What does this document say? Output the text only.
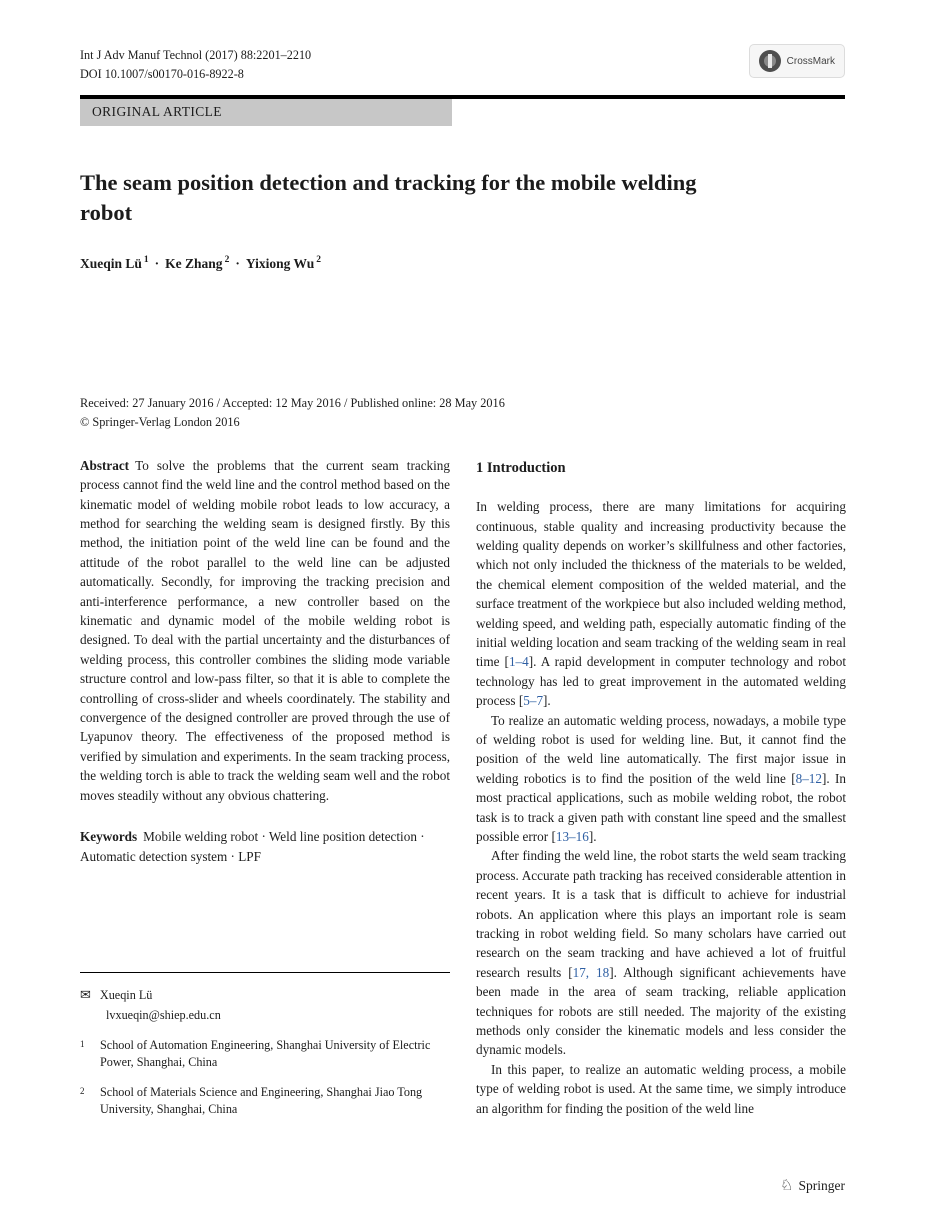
Int J Adv Manuf Technol (2017) 88:2201–2210
DOI 10.1007/s00170-016-8922-8
CrossMark
ORIGINAL ARTICLE
The seam position detection and tracking for the mobile welding robot
Xueqin Lü $^1$ · Ke Zhang $^2$ · Yixiong Wu $^2$
Received: 27 January 2016 / Accepted: 12 May 2016 / Published online: 28 May 2016
© Springer-Verlag London 2016

Abstract To solve the problems that the current seam tracking process cannot find the weld line and the control method based on the kinematic model of welding mobile robot leads to low accuracy, a method for searching the welding seam is designed firstly. By this method, the initiation point of the weld line can be found and the attitude of the robot parallel to the weld line can be adjusted automatically. Secondly, for improving the tracking precision and anti-interference performance, a new controller based on the kinematic and dynamic model of the mobile welding robot is designed. To deal with the partial uncertainty and the disturbances of welding process, this controller combines the sliding mode variable structure control and low-pass filter, so that it is able to complete the controlling of cross-slider and wheels coordinately. The stability and convergence of the designed controller are proved through the use of Lyapunov theory. The effectiveness of the proposed method is verified by simulation and experiments. In the seam tracking process, the welding torch is able to track the welding seam well and the robot moves steadily without any obvious chattering.

Keywords Mobile welding robot · Weld line position detection · Automatic detection system · LPF

✉ Xueqin Lü
lvxueqin@shiep.edu.cn
1	School of Automation Engineering, Shanghai University of Electric Power, Shanghai, China
2	School of Materials Science and Engineering, Shanghai Jiao Tong University, Shanghai, China
1 Introduction

In welding process, there are many limitations for acquiring continuous, stable quality and increasing productivity because the welding quality depends on worker’s skillfulness and other factories, which not only included the thickness of the materials to be welded, the chemical element composition of the welded material, and the surface treatment of the workpiece but also included welding method, welding speed, and welding path, especially automatic finding of the initial welding location and seam tracking of the welding seam in real time [1–4]. A rapid development in computer technology and robot technology has led to great improvement in the automated welding process [5–7].

To realize an automatic welding process, nowadays, a mobile type of welding robot is used for welding line. But, it cannot find the position of the weld line automatically. The first major issue in welding robotics is to find the position of the weld line [8–12]. In most practical applications, such as mobile welding robot, the robot task is to track a given path with constant line speed and the smallest possible error [13–16].

After finding the weld line, the robot starts the weld seam tracking process. Accurate path tracking has received considerable attention in recent years. It is a task that is difficult to achieve for industrial robots. An application where this plays an important role is seam tracking in robot welding field. So many scholars have carried out research on the seam tracking and have achieved a lot of fruitful research results [17, 18]. Although significant achievements have been made in the area of seam tracking, reliable application techniques for robots are still needed. The majority of the existing methods only consider the kinematic models and less consider the dynamic models.

In this paper, to realize an automatic welding process, a mobile type of welding robot is used. At the same time, we simply introduce an algorithm for finding the position of the weld line

♘ Springer
